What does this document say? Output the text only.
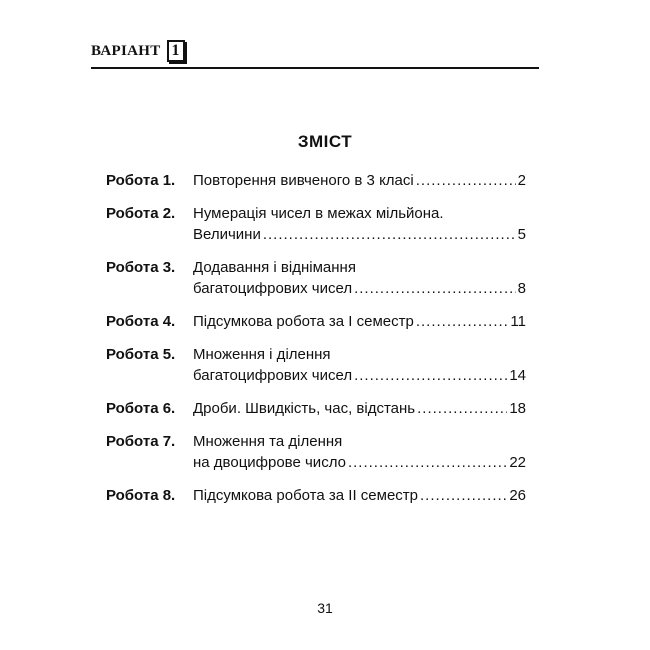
ВАРІАНТ 1
ЗМІСТ
Робота 1.	Повторення вивченого в 3 класі .....	2
Робота 2.	Нумерація чисел в межах мільйона.
Величини .....	5
Робота 3.	Додавання і віднімання
багатоцифрових чисел .....	8
Робота 4.	Підсумкова робота за I семестр .....	11
Робота 5.	Множення і ділення
багатоцифрових чисел .....	14
Робота 6.	Дроби. Швидкість, час, відстань .....	18
Робота 7.	Множення та ділення
на двоцифрове число .....	22
Робота 8.	Підсумкова робота за II семестр .....	26
31
